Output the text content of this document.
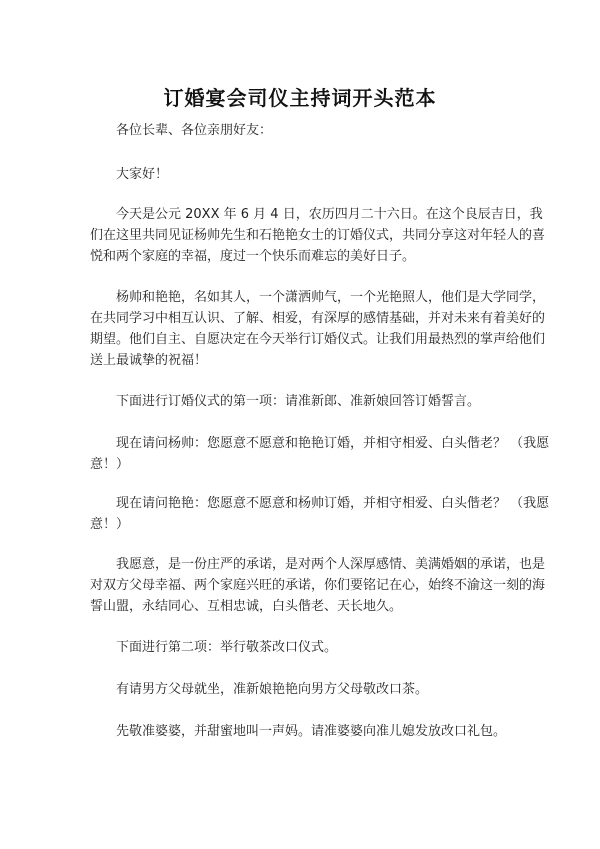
订婚宴会司仪主持词开头范本

各位长辈、各位亲朋好友：

大家好！

今天是公元 20XX 年 6 月 4 日，农历四月二十六日。在这个良辰吉日，我

们在这里共同见证杨帅先生和石艳艳女士的订婚仪式，共同分享这对年轻人的喜

悦和两个家庭的幸福，度过一个快乐而难忘的美好日子。

杨帅和艳艳，名如其人，一个潇洒帅气，一个光艳照人，他们是大学同学，

在共同学习中相互认识、了解、相爱，有深厚的感情基础，并对未来有着美好的

期望。他们自主、自愿决定在今天举行订婚仪式。让我们用最热烈的掌声给他们

送上最诚挚的祝福！

下面进行订婚仪式的第一项：请准新郎、准新娘回答订婚誓言。

现在请问杨帅：您愿意不愿意和艳艳订婚，并相守相爱、白头偕老？ （我愿

意！）

现在请问艳艳：您愿意不愿意和杨帅订婚，并相守相爱、白头偕老？ （我愿

意！）

我愿意，是一份庄严的承诺，是对两个人深厚感情、美满婚姻的承诺，也是

对双方父母幸福、两个家庭兴旺的承诺，你们要铭记在心，始终不渝这一刻的海

誓山盟，永结同心、互相忠诚，白头偕老、天长地久。

下面进行第二项：举行敬茶改口仪式。

有请男方父母就坐，准新娘艳艳向男方父母敬改口茶。

先敬准婆婆，并甜蜜地叫一声妈。请准婆婆向准儿媳发放改口礼包。
